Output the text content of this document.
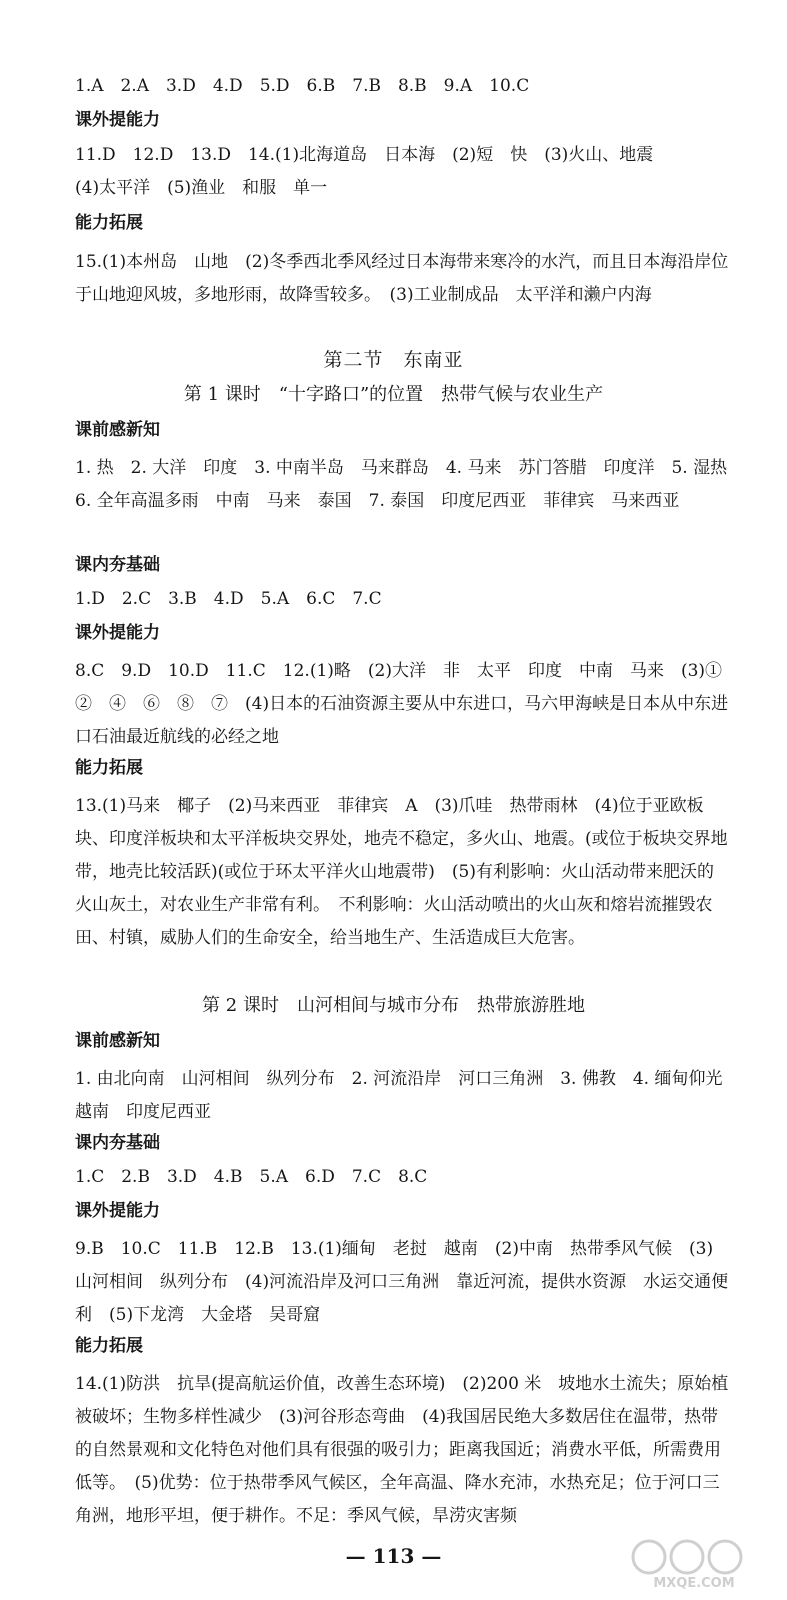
1.A　2.A　3.D　4.D　5.D　6.B　7.B　8.B　9.A　10.C
课外提能力
11.D　12.D　13.D　14.(1)北海道岛　日本海　(2)短　快　(3)火山、地震
(4)太平洋　(5)渔业　和服　单一
能力拓展
15.(1)本州岛　山地　(2)冬季西北季风经过日本海带来寒冷的水汽，而且日本海沿岸位于山地迎风坡，多地形雨，故降雪较多。　(3)工业制成品　太平洋和濑户内海
第二节　东南亚
第 1 课时　“十字路口”的位置　热带气候与农业生产
课前感新知
1. 热　2. 大洋　印度　3. 中南半岛　马来群岛　4. 马来　苏门答腊　印度洋　5. 湿热　6. 全年高温多雨　中南　马来　泰国　7. 泰国　印度尼西亚　菲律宾　马来西亚
课内夯基础
1.D　2.C　3.B　4.D　5.A　6.C　7.C
课外提能力
8.C　9.D　10.D　11.C　12.(1)略　(2)大洋　非　太平　印度　中南　马来　(3)①　②　④　⑥　⑧　⑦　(4)日本的石油资源主要从中东进口，马六甲海峡是日本从中东进口石油最近航线的必经之地
能力拓展
13.(1)马来　椰子　(2)马来西亚　菲律宾　A　(3)爪哇　热带雨林　(4)位于亚欧板块、印度洋板块和太平洋板块交界处，地壳不稳定，多火山、地震。(或位于板块交界地带，地壳比较活跃)(或位于环太平洋火山地震带)　(5)有利影响：火山活动带来肥沃的火山灰土，对农业生产非常有利。　不利影响：火山活动喷出的火山灰和熔岩流摧毁农田、村镇，威胁人们的生命安全，给当地生产、生活造成巨大危害。
第 2 课时　山河相间与城市分布　热带旅游胜地
课前感新知
1. 由北向南　山河相间　纵列分布　2. 河流沿岸　河口三角洲　3. 佛教　4. 缅甸仰光　越南　印度尼西亚
课内夯基础
1.C　2.B　3.D　4.B　5.A　6.D　7.C　8.C
课外提能力
9.B　10.C　11.B　12.B　13.(1)缅甸　老挝　越南　(2)中南　热带季风气候　(3)山河相间　纵列分布　(4)河流沿岸及河口三角洲　靠近河流，提供水资源　水运交通便利　(5)下龙湾　大金塔　吴哥窟
能力拓展
14.(1)防洪　抗旱(提高航运价值，改善生态环境)　(2)200 米　坡地水土流失；原始植被破坏；生物多样性减少　(3)河谷形态弯曲　(4)我国居民绝大多数居住在温带，热带的自然景观和文化特色对他们具有很强的吸引力；距离我国近；消费水平低，所需费用低等。　(5)优势：位于热带季风气候区，全年高温、降水充沛，水热充足；位于河口三角洲，地形平坦，便于耕作。不足：季风气候，旱涝灾害频
— 113 —
MXQE.COM
